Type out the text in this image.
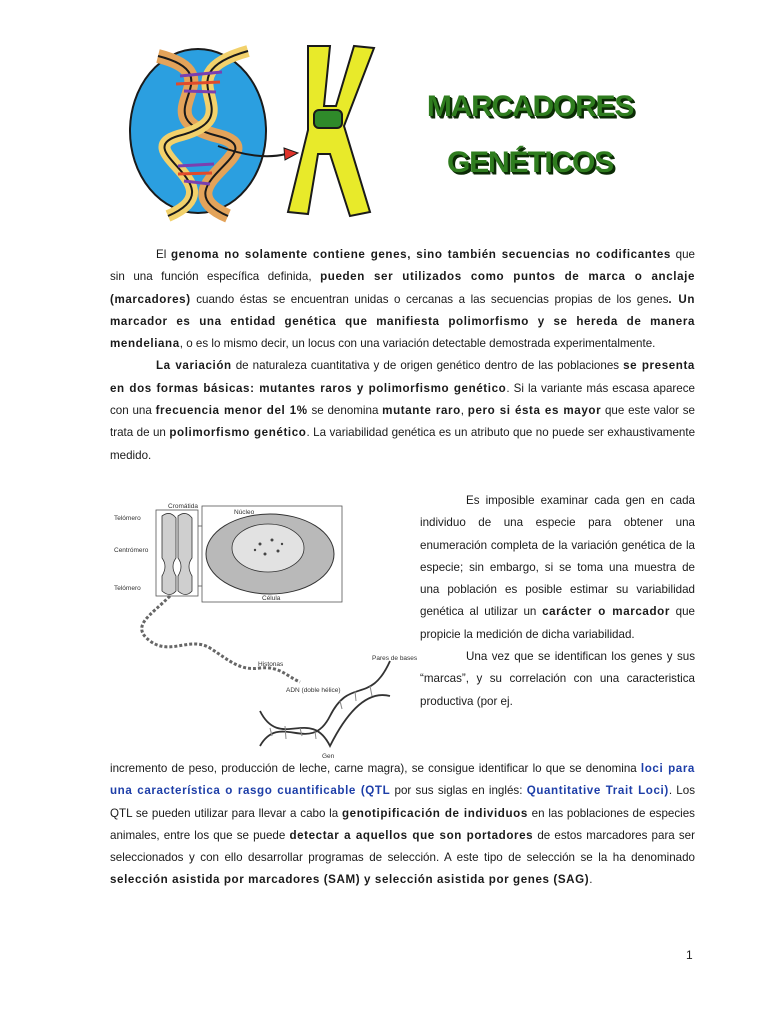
MARCADORES
GENÉTICOS

El genoma no solamente contiene genes, sino también secuencias no codificantes que sin una función específica definida, pueden ser utilizados como puntos de marca o anclaje (marcadores) cuando éstas se encuentran unidas o cercanas a las secuencias propias de los genes. Un marcador es una entidad genética que manifiesta polimorfismo y se hereda de manera mendeliana, o es lo mismo decir, un locus con una variación detectable demostrada experimentalmente.

La variación de naturaleza cuantitativa y de origen genético dentro de las poblaciones se presenta en dos formas básicas: mutantes raros y polimorfismo genético. Si la variante más escasa aparece con una frecuencia menor del 1% se denomina mutante raro, pero si ésta es mayor que este valor se trata de un polimorfismo genético. La variabilidad genética es un atributo que no puede ser exhaustivamente medido.

Cromátida
Núcleo
Telómero
Centrómero
Telómero
Célula
Histonas
Pares de bases
ADN (doble hélice)
Gen

Es imposible examinar cada gen en cada individuo de una especie para obtener una enumeración completa de la variación genética de la especie; sin embargo, si se toma una muestra de una población es posible estimar su variabilidad genética al utilizar un carácter o marcador que propicie la medición de dicha variabilidad.

Una vez que se identifican los genes y sus “marcas”, y su correlación con una caracteristica productiva (por ej.

incremento de peso, producción de leche, carne magra), se consigue identificar lo que se denomina loci para una característica o rasgo cuantificable (QTL por sus siglas en inglés: Quantitative Trait Loci). Los QTL se pueden utilizar para llevar a cabo la genotipificación de individuos en las poblaciones de especies animales, entre los que se puede detectar a aquellos que son portadores de estos marcadores para ser seleccionados y con ello desarrollar programas de selección. A este tipo de selección se la ha denominado selección asistida por marcadores (SAM) y selección asistida por genes (SAG).

1
